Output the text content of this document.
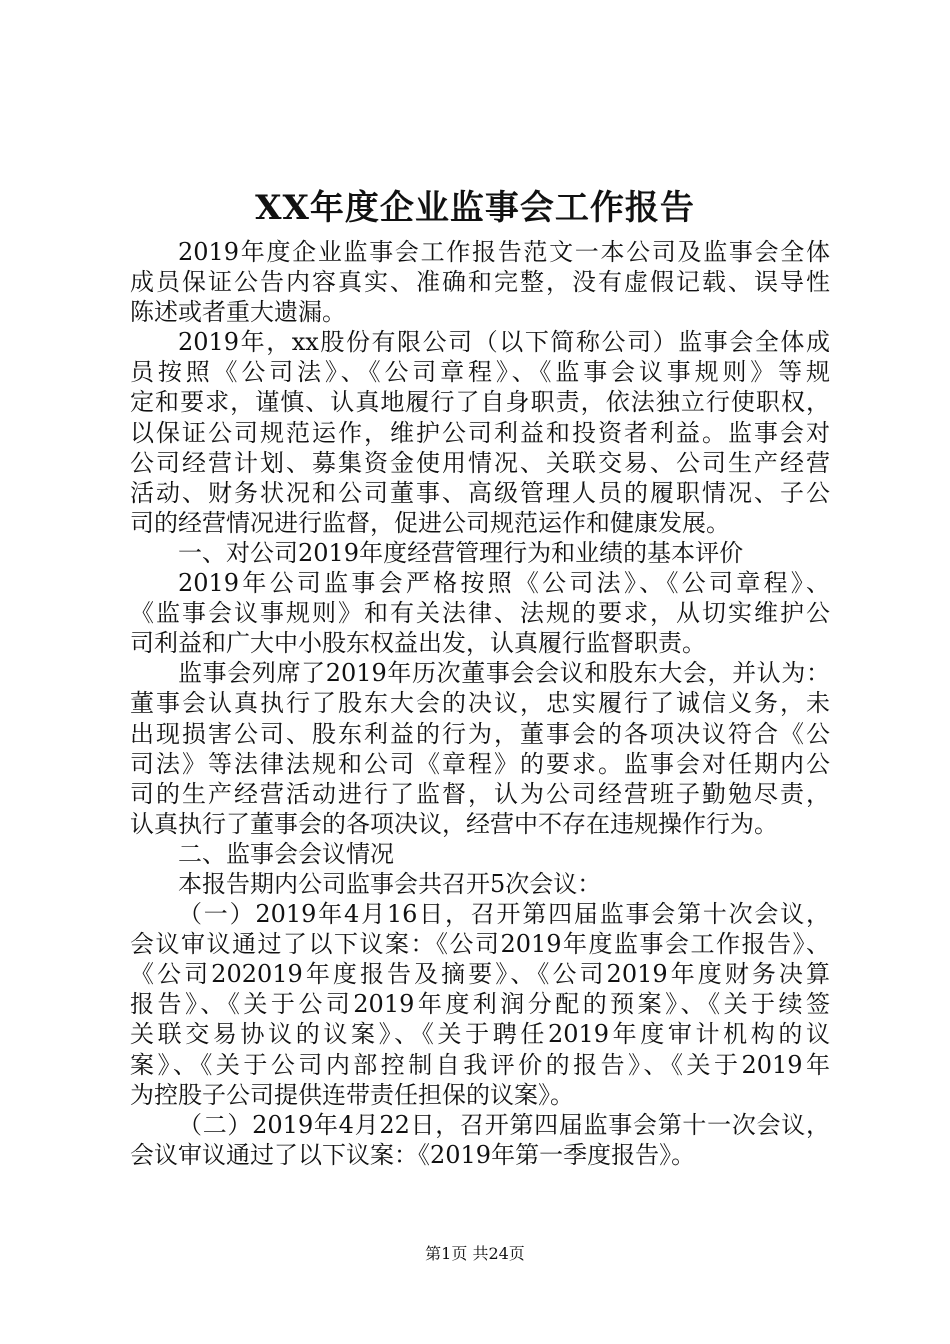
XX年度企业监事会工作报告
2019年度企业监事会工作报告范文一本公司及监事会全体
成员保证公告内容真实、准确和完整，没有虚假记载、误导性
陈述或者重大遗漏。
2019年，xx股份有限公司（以下简称公司）监事会全体成
员按照《公司法》、《公司章程》、《监事会议事规则》等规
定和要求，谨慎、认真地履行了自身职责，依法独立行使职权，
以保证公司规范运作，维护公司利益和投资者利益。监事会对
公司经营计划、募集资金使用情况、关联交易、公司生产经营
活动、财务状况和公司董事、高级管理人员的履职情况、子公
司的经营情况进行监督，促进公司规范运作和健康发展。
一、对公司2019年度经营管理行为和业绩的基本评价
2019年公司监事会严格按照《公司法》、《公司章程》、
《监事会议事规则》和有关法律、法规的要求，从切实维护公
司利益和广大中小股东权益出发，认真履行监督职责。
监事会列席了2019年历次董事会会议和股东大会，并认为：
董事会认真执行了股东大会的决议，忠实履行了诚信义务，未
出现损害公司、股东利益的行为，董事会的各项决议符合《公
司法》等法律法规和公司《章程》的要求。监事会对任期内公
司的生产经营活动进行了监督，认为公司经营班子勤勉尽责，
认真执行了董事会的各项决议，经营中不存在违规操作行为。
二、监事会会议情况
本报告期内公司监事会共召开5次会议：
（一）2019年4月16日，召开第四届监事会第十次会议，
会议审议通过了以下议案：《公司2019年度监事会工作报告》、
《公司202019年度报告及摘要》、《公司2019年度财务决算
报告》、《关于公司2019年度利润分配的预案》、《关于续签
关联交易协议的议案》、《关于聘任2019年度审计机构的议
案》、《关于公司内部控制自我评价的报告》、《关于2019年
为控股子公司提供连带责任担保的议案》。
（二）2019年4月22日，召开第四届监事会第十一次会议，
会议审议通过了以下议案：《2019年第一季度报告》。
第1页 共24页
